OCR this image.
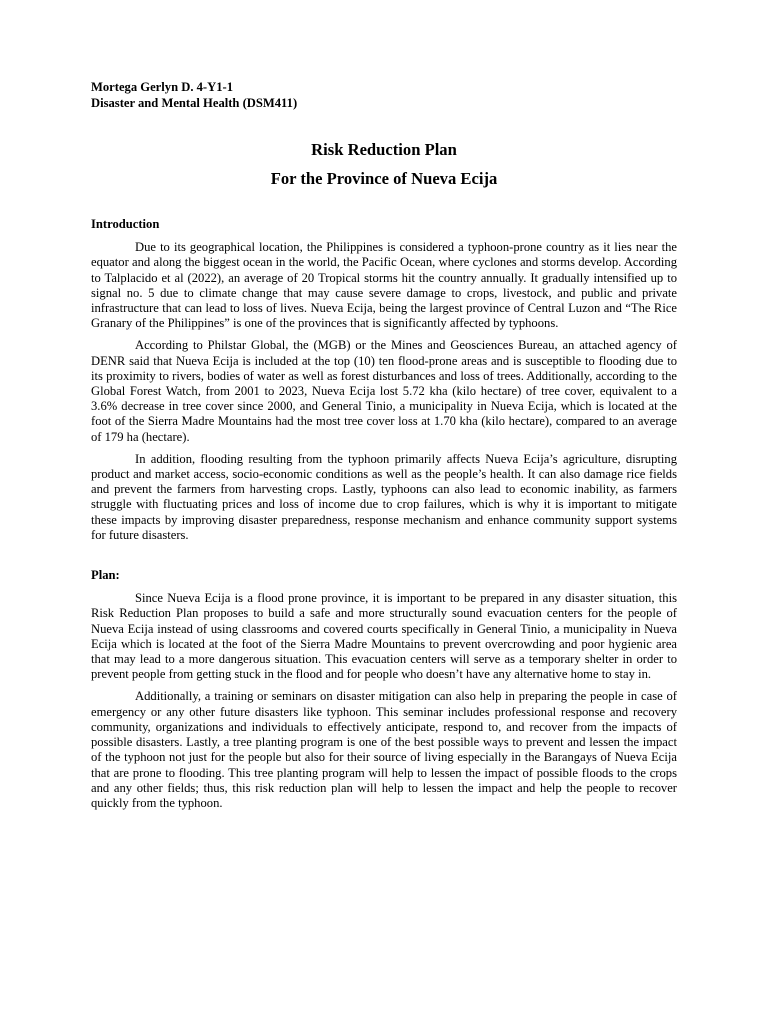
Mortega Gerlyn D. 4-Y1-1

Disaster and Mental Health (DSM411)

Risk Reduction Plan

For the Province of Nueva Ecija

Introduction

Due to its geographical location, the Philippines is considered a typhoon-prone country as it lies near the equator and along the biggest ocean in the world, the Pacific Ocean, where cyclones and storms develop. According to Talplacido et al (2022), an average of 20 Tropical storms hit the country annually. It gradually intensified up to signal no. 5 due to climate change that may cause severe damage to crops, livestock, and public and private infrastructure that can lead to loss of lives. Nueva Ecija, being the largest province of Central Luzon and “The Rice Granary of the Philippines” is one of the provinces that is significantly affected by typhoons.

According to Philstar Global, the (MGB) or the Mines and Geosciences Bureau, an attached agency of DENR said that Nueva Ecija is included at the top (10) ten flood-prone areas and is susceptible to flooding due to its proximity to rivers, bodies of water as well as forest disturbances and loss of trees. Additionally, according to the Global Forest Watch, from 2001 to 2023, Nueva Ecija lost 5.72 kha (kilo hectare) of tree cover, equivalent to a 3.6% decrease in tree cover since 2000, and General Tinio, a municipality in Nueva Ecija, which is located at the foot of the Sierra Madre Mountains had the most tree cover loss at 1.70 kha (kilo hectare), compared to an average of 179 ha (hectare).

In addition, flooding resulting from the typhoon primarily affects Nueva Ecija’s agriculture, disrupting product and market access, socio-economic conditions as well as the people’s health. It can also damage rice fields and prevent the farmers from harvesting crops. Lastly, typhoons can also lead to economic inability, as farmers struggle with fluctuating prices and loss of income due to crop failures, which is why it is important to mitigate these impacts by improving disaster preparedness, response mechanism and enhance community support systems for future disasters.

Plan:

Since Nueva Ecija is a flood prone province, it is important to be prepared in any disaster situation, this Risk Reduction Plan proposes to build a safe and more structurally sound evacuation centers for the people of Nueva Ecija instead of using classrooms and covered courts specifically in General Tinio, a municipality in Nueva Ecija which is located at the foot of the Sierra Madre Mountains to prevent overcrowding and poor hygienic area that may lead to a more dangerous situation. This evacuation centers will serve as a temporary shelter in order to prevent people from getting stuck in the flood and for people who doesn’t have any alternative home to stay in.

Additionally, a training or seminars on disaster mitigation can also help in preparing the people in case of emergency or any other future disasters like typhoon. This seminar includes professional response and recovery community, organizations and individuals to effectively anticipate, respond to, and recover from the impacts of possible disasters. Lastly, a tree planting program is one of the best possible ways to prevent and lessen the impact of the typhoon not just for the people but also for their source of living especially in the Barangays of Nueva Ecija that are prone to flooding. This tree planting program will help to lessen the impact of possible floods to the crops and any other fields; thus, this risk reduction plan will help to lessen the impact and help the people to recover quickly from the typhoon.
